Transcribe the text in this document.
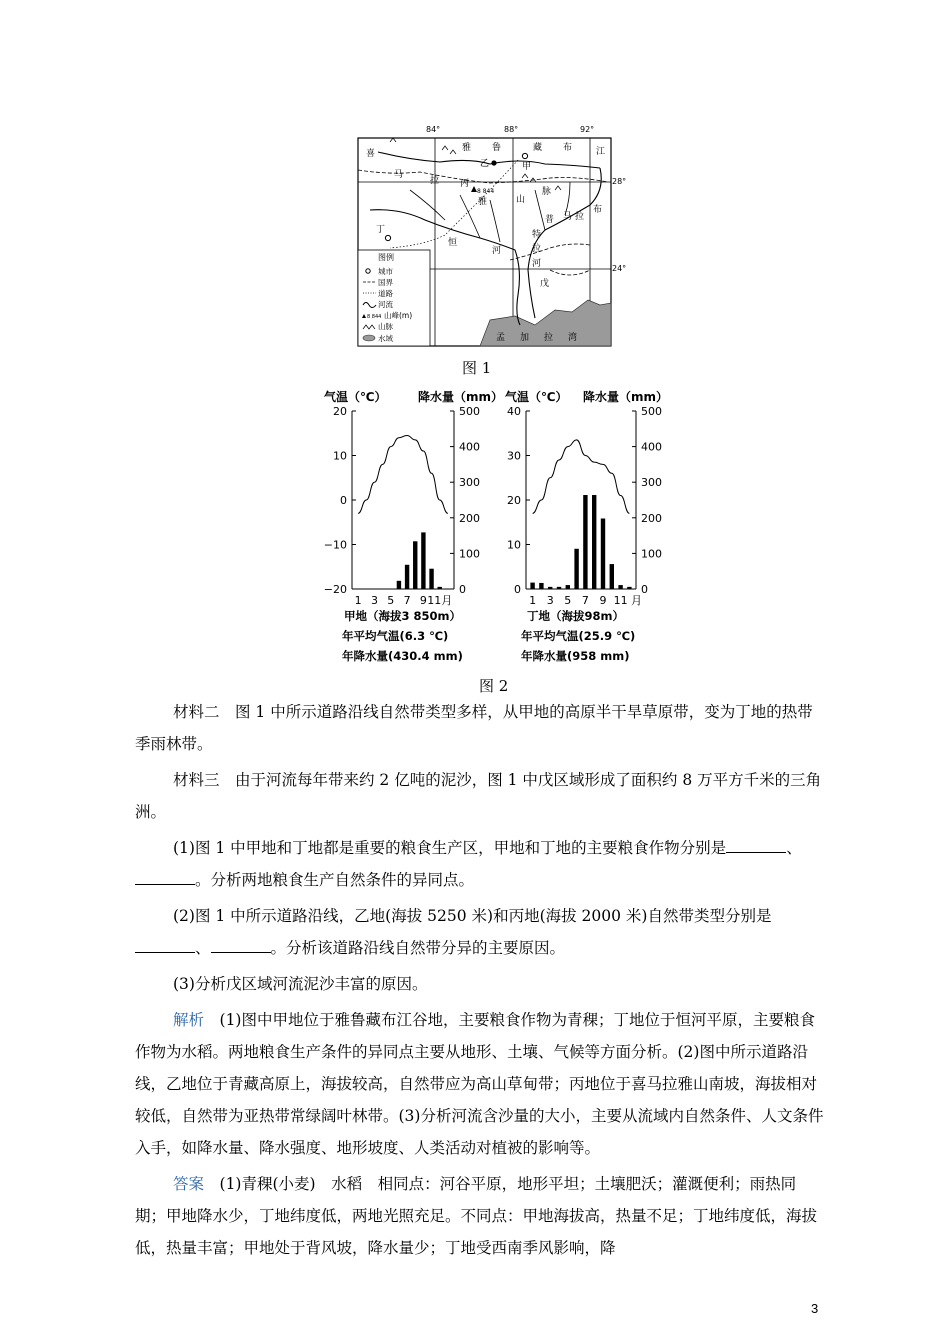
84°	88°	92°
28°
24°
乙	甲
丙
8 844
丁
戊
雅 鲁	藏 布	江
喜
马
拉
雅	山
脉
恒
河
布
拉
马
普
特
拉
河
孟 加 拉 湾
图例
城市
国界
道路
河流
8 844 山峰(m)
山脉
水域
图 1
气温（℃）	降水量（mm）
20
10
0
−10
−20
500
400
300
200
100
0
1 3 5 7 9 11月
甲地（海拔3 850m）
年平均气温(6.3 ℃)
年降水量(430.4 mm)
气温（℃） 降水量（mm）
40
30
20
10
0
500
400
300
200
100
0
1 3 5 7 9 11 月
丁地（海拔98m）
年平均气温(25.9 ℃)
年降水量(958 mm)
图 2

材料二　图 1 中所示道路沿线自然带类型多样，从甲地的高原半干旱草原带，变为丁地的热带季雨林带。

材料三　由于河流每年带来约 2 亿吨的泥沙，图 1 中戊区域形成了面积约 8 万平方千米的三角洲。

(1)图 1 中甲地和丁地都是重要的粮食生产区，甲地和丁地的主要粮食作物分别是	、。分析两地粮食生产自然条件的异同点。

(2)图 1 中所示道路沿线，乙地(海拔 5250 米)和丙地(海拔 2000 米)自然带类型分别是、	。分析该道路沿线自然带分异的主要原因。

(3)分析戊区域河流泥沙丰富的原因。

解析　(1)图中甲地位于雅鲁藏布江谷地，主要粮食作物为青稞；丁地位于恒河平原，主要粮食作物为水稻。两地粮食生产条件的异同点主要从地形、土壤、气候等方面分析。(2)图中所示道路沿线，乙地位于青藏高原上，海拔较高，自然带应为高山草甸带；丙地位于喜马拉雅山南坡，海拔相对较低，自然带为亚热带常绿阔叶林带。(3)分析河流含沙量的大小，主要从流域内自然条件、人文条件入手，如降水量、降水强度、地形坡度、人类活动对植被的影响等。

答案　(1)青稞(小麦)　水稻　相同点：河谷平原，地形平坦；土壤肥沃；灌溉便利；雨热同期；甲地降水少，丁地纬度低，两地光照充足。不同点：甲地海拔高，热量不足；丁地纬度低，海拔低，热量丰富；甲地处于背风坡，降水量少；丁地受西南季风影响，降

3
